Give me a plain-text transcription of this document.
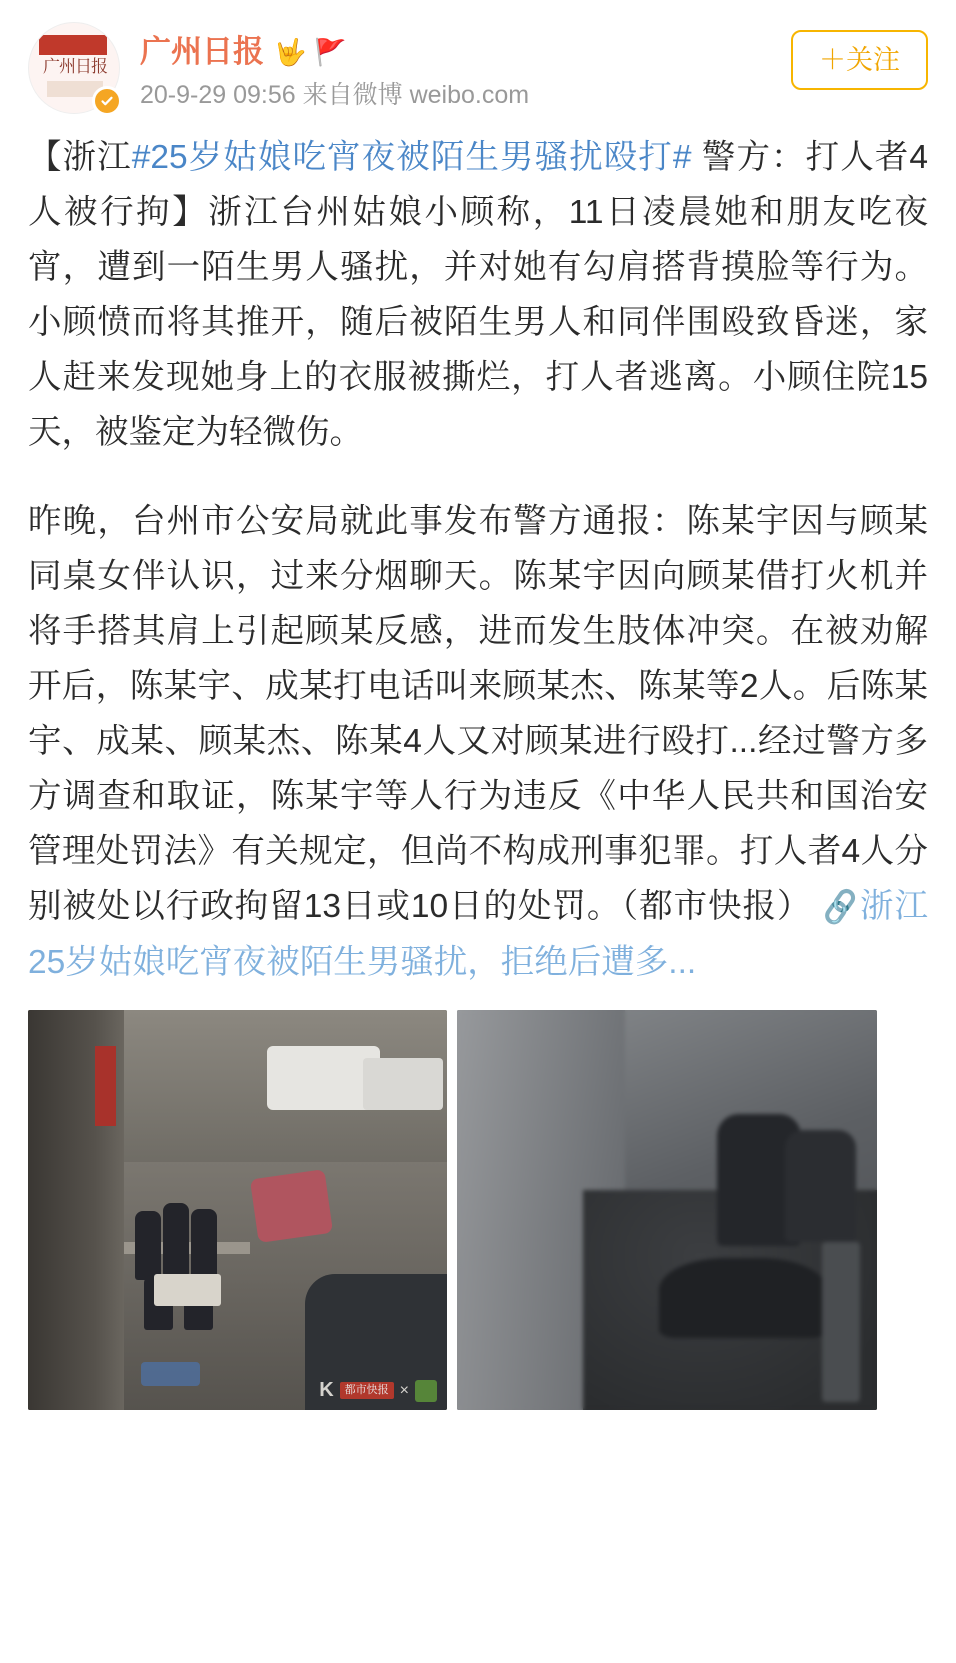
广州日报 广州日报 🤟 🚩
20-9-29 09:56 来自微博 weibo.com
＋关注

【浙江#25岁姑娘吃宵夜被陌生男骚扰殴打# 警方：打人者4人被行拘】浙江台州姑娘小顾称，11日凌晨她和朋友吃夜宵，遭到一陌生男人骚扰，并对她有勾肩搭背摸脸等行为。小顾愤而将其推开，随后被陌生男人和同伴围殴致昏迷，家人赶来发现她身上的衣服被撕烂，打人者逃离。小顾住院15天，被鉴定为轻微伤。

昨晚，台州市公安局就此事发布警方通报：陈某宇因与顾某同桌女伴认识，过来分烟聊天。陈某宇因向顾某借打火机并将手搭其肩上引起顾某反感，进而发生肢体冲突。在被劝解开后，陈某宇、成某打电话叫来顾某杰、陈某等2人。后陈某宇、成某、顾某杰、陈某4人又对顾某进行殴打...经过警方多方调查和取证，陈某宇等人行为违反《中华人民共和国治安管理处罚法》有关规定，但尚不构成刑事犯罪。打人者4人分别被处以行政拘留13日或10日的处罚。（都市快报） 🔗浙江25岁姑娘吃宵夜被陌生男骚扰，拒绝后遭多...

K	都市快报 ×
